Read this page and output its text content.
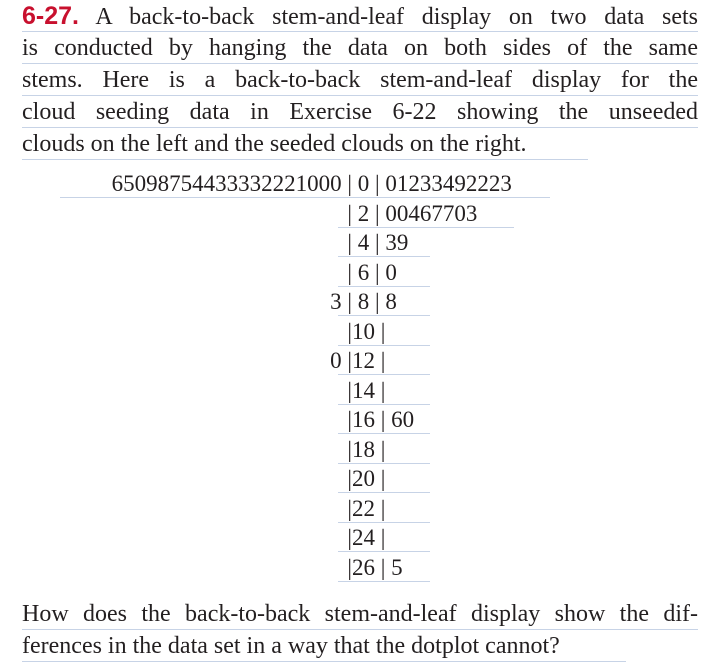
6-27. A back-to-back stem-and-leaf display on two data sets
is conducted by hanging the data on both sides of the same
stems. Here is a back-to-back stem-and-leaf display for the
cloud seeding data in Exercise 6-22 showing the unseeded
clouds on the left and the seeded clouds on the right.
65098754433332221000 | 0 | 01233492223
| 2 | 00467703
| 4 | 39
| 6 | 0
3 | 8 | 8
| 10 |
0 | 12 |
| 14 |
| 16 | 60
| 18 |
| 20 |
| 22 |
| 24 |
| 26 | 5
How does the back-to-back stem-and-leaf display show the dif-
ferences in the data set in a way that the dotplot cannot?
